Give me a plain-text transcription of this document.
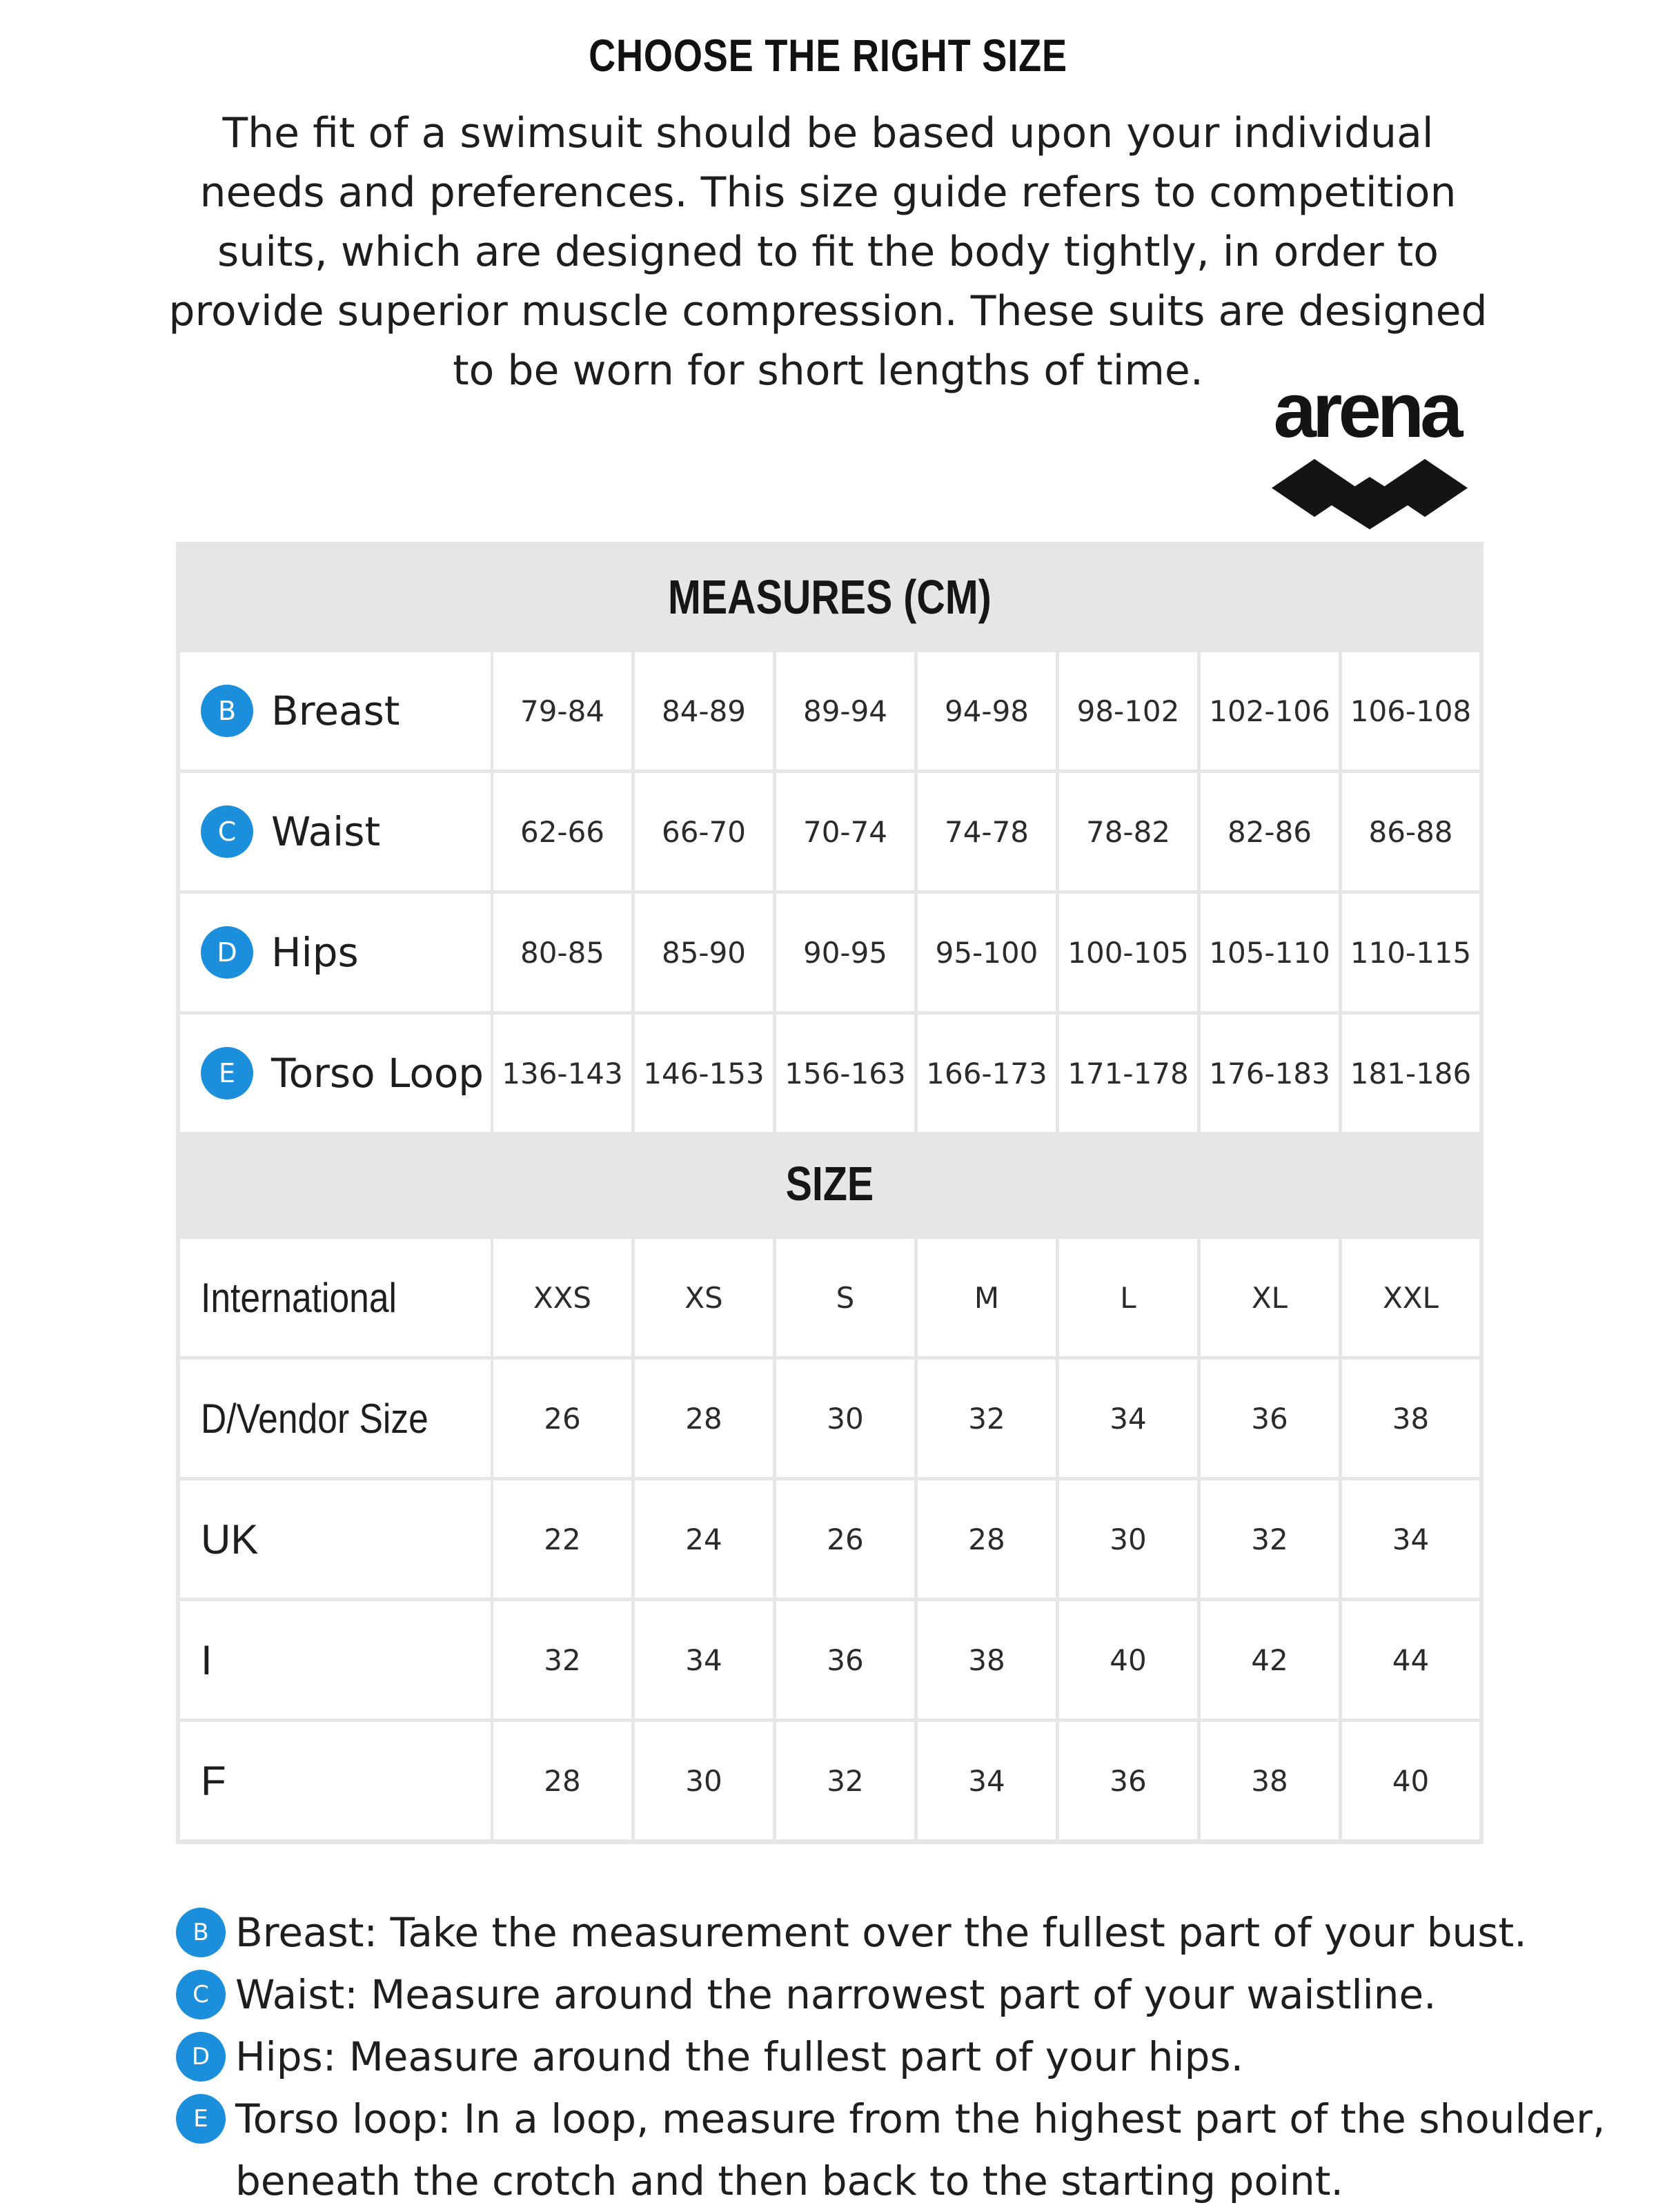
CHOOSE THE RIGHT SIZE
The fit of a swimsuit should be based upon your individual needs and preferences. This size guide refers to competition suits, which are designed to fit the body tightly, in order to provide superior muscle compression. These suits are designed to be worn for short lengths of time. arena
MEASURES (CM)
SIZE
B Breast	79-84	84-89	89-94	94-98	98-102	102-106 106-108
C Waist	62-66	66-70	70-74	74-78	78-82	82-86	86-88
D Hips	80-85	85-90	90-95	95-100	100-105 105-110 110-115
E Torso Loop 136-143 146-153 156-163 166-173 171-178 176-183 181-186
International	XXS	XS	S	M	L	XL	XXL
D/Vendor Size	26	28	30	32	34	36	38
UK	22	24	26	28	30	32	34
I	32	34	36	38	40	42	44
F	28	30	32	34	36	38	40
B Breast: Take the measurement over the fullest part of your bust.
C Waist: Measure around the narrowest part of your waistline.
D Hips: Measure around the fullest part of your hips.
E Torso loop: In a loop, measure from the highest part of the shoulder,
beneath the crotch and then back to the starting point.
